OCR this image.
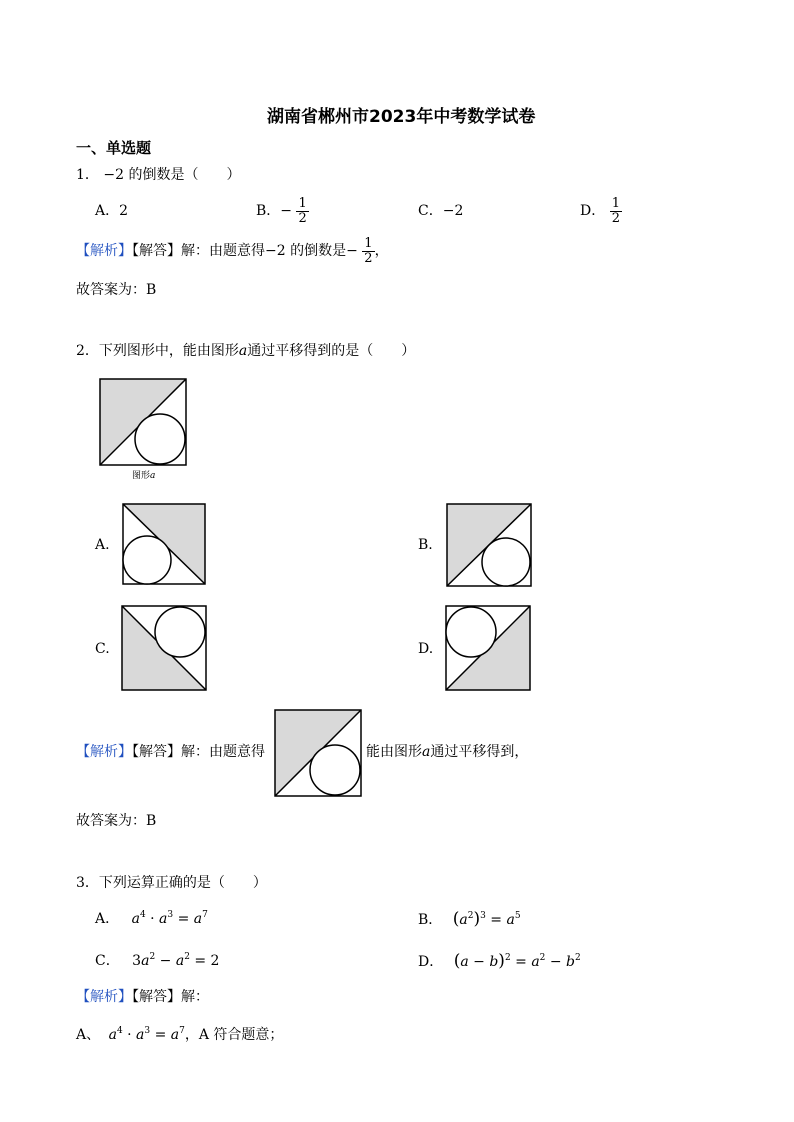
湖南省郴州市2023年中考数学试卷
一、单选题
1． −2 的倒数是（　　）
A．2	B．− $\frac{1}{2}$	C．−2	D． $\frac{1}{2}$
【解析】【解答】解：由题意得−2 的倒数是− $\frac{1}{2}$ ，
故答案为：B
2．下列图形中，能由图形a通过平移得到的是（　　）
图形a
A.	B.
C.	D.
【解析】【解答】解：由题意得	能由图形a通过平移得到，
故答案为：B
3．下列运算正确的是（　　）
A． $a^4 \cdot a^3 = a^7$	B． $(a^2)^3 = a^5$
C． $3a^2 - a^2 = 2$	D． $(a - b)^2 = a^2 - b^2$
【解析】【解答】解：
A、 $a^4 \cdot a^3 = a^7$，A 符合题意；
